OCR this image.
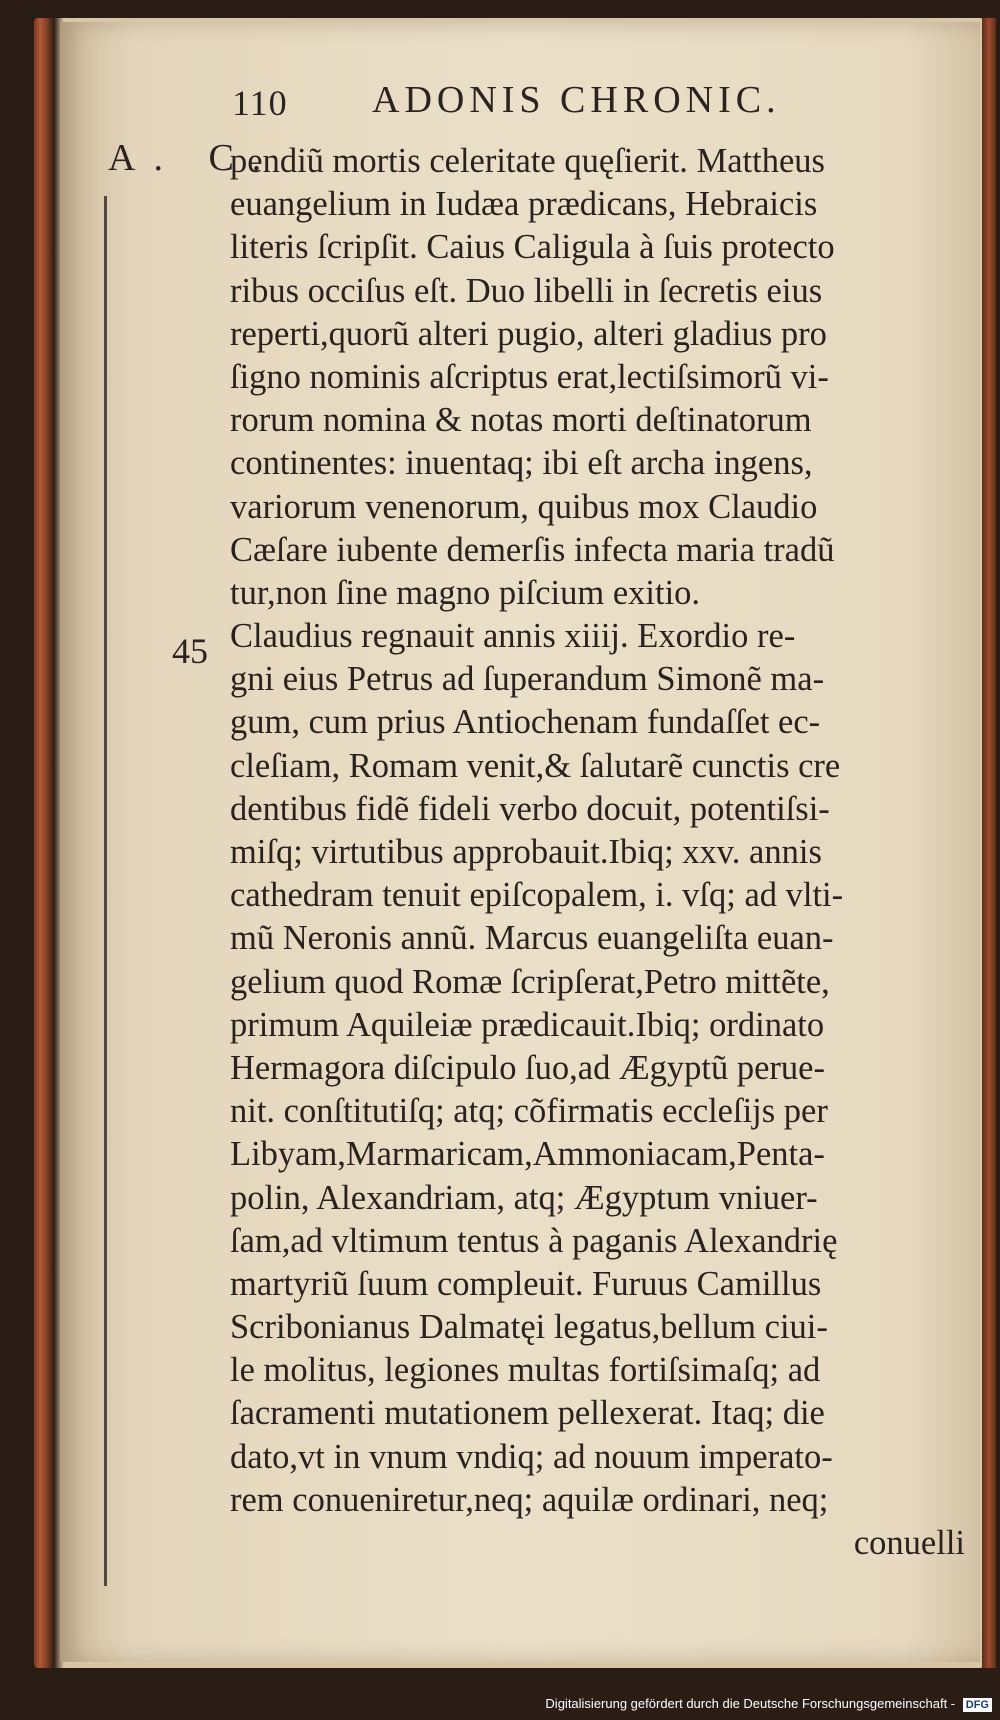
110 ADONIS CHRONIC.
A. C.
45
pendiũ mortis celeritate quęſierit. Mattheus
euangelium in Iudæa prædicans, Hebraicis
literis ſcripſit. Caius Caligula à ſuis protecto
ribus occiſus eſt. Duo libelli in ſecretis eius
reperti,quorũ alteri pugio, alteri gladius pro
ſigno nominis aſcriptus erat,lectiſsimorũ vi-
rorum nomina & notas morti deſtinatorum
continentes: inuentaq; ibi eſt archa ingens,
variorum venenorum, quibus mox Claudio
Cæſare iubente demerſis infecta maria tradũ
tur,non ſine magno piſcium exitio.
Claudius regnauit annis xiiij. Exordio re-
gni eius Petrus ad ſuperandum Simonẽ ma-
gum, cum prius Antiochenam fundaſſet ec-
cleſiam, Romam venit,& ſalutarẽ cunctis cre
dentibus fidẽ fideli verbo docuit, potentiſsi-
miſq; virtutibus approbauit.Ibiq; xxv. annis
cathedram tenuit epiſcopalem, i. vſq; ad vlti-
mũ Neronis annũ. Marcus euangeliſta euan-
gelium quod Romæ ſcripſerat,Petro mittẽte,
primum Aquileiæ prædicauit.Ibiq; ordinato
Hermagora diſcipulo ſuo,ad Ægyptũ perue-
nit. conſtitutiſq; atq; cõfirmatis eccleſijs per
Libyam,Marmaricam,Ammoniacam,Penta-
polin, Alexandriam, atq; Ægyptum vniuer-
ſam,ad vltimum tentus à paganis Alexandrię
martyriũ ſuum compleuit. Furuus Camillus
Scribonianus Dalmatęi legatus,bellum ciui-
le molitus, legiones multas fortiſsimaſq; ad
ſacramenti mutationem pellexerat. Itaq; die
dato,vt in vnum vndiq; ad nouum imperato-
rem conueniretur,neq; aquilæ ordinari, neq;
conuelli
Digitalisierung gefördert durch die Deutsche Forschungsgemeinschaft - DFG
